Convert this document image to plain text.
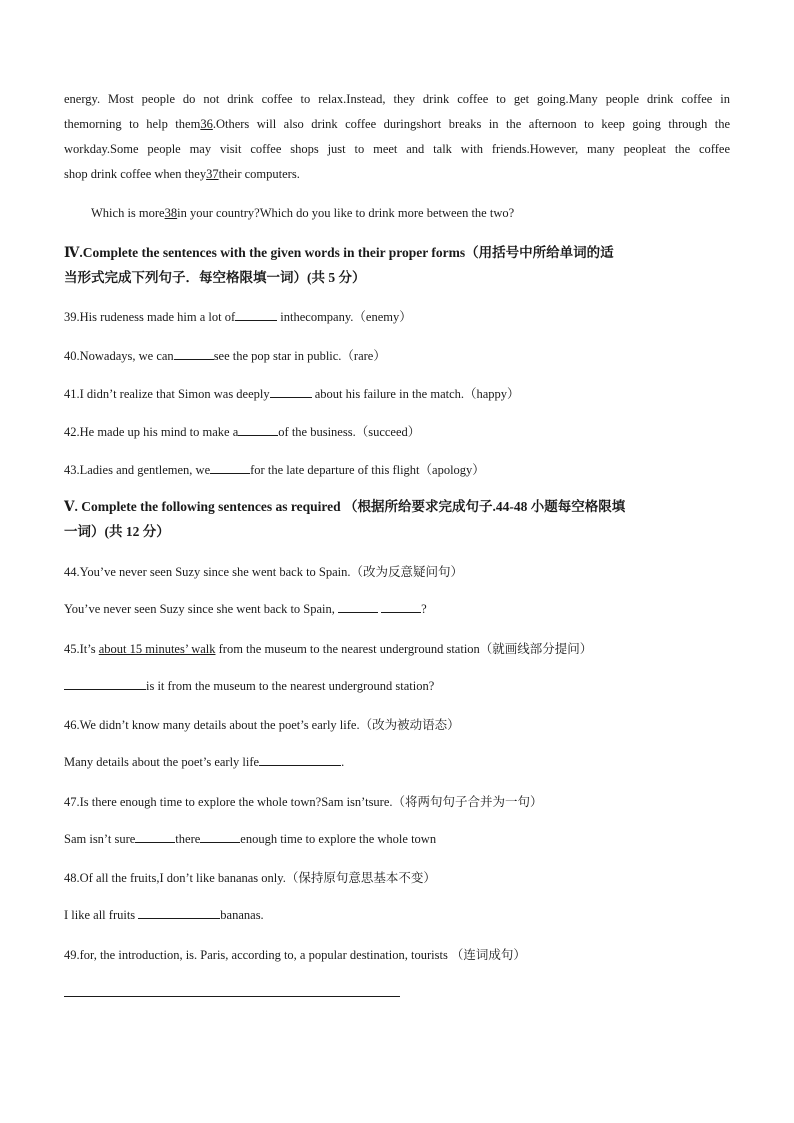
energy. Most people do not drink coffee to relax.Instead, they drink coffee to get going.Many people drink coffee in
themorning to help them36.Others will also drink coffee duringshort breaks in the afternoon to keep going through the
workday.Some people may visit coffee shops just to meet and talk with friends.However, many peopleat the coffee
shop drink coffee when they37their computers.
Which is more38in your country?Which do you like to drink more between the two?
Ⅳ.Complete the sentences with the given words in their proper forms（用括号中所给单词的适
当形式完成下列句子．每空格限填一词）(共 5 分）
39.His rudeness made him a lot of	inthecompany.（enemy）
40.Nowadays, we can	see the pop star in public.（rare）
41.I didn’t realize that Simon was deeply	about his failure in the match.（happy）
42.He made up his mind to make a	of the business.（succeed）
43.Ladies and gentlemen, we	for the late departure of this flight（apology）
Ⅴ. Complete the following sentences as required （根据所给要求完成句子.44-48 小题每空格限填
一词）(共 12 分）
44.You’ve never seen Suzy since she went back to Spain.（改为反意疑问句）
You’ve never seen Suzy since she went back to Spain,	?
45.It’s about 15 minutes’ walk from the museum to the nearest underground station（就画线部分提问）
is it from the museum to the nearest underground station?
46.We didn’t know many details about the poet’s early life.（改为被动语态）
Many details about the poet’s early life	.
47.Is there enough time to explore the whole town?Sam isn’tsure.（将两句句子合并为一句）
Sam isn’t sure	there	enough time to explore the whole town
48.Of all the fruits,I don’t like bananas only.（保持原句意思基本不变）
I like all fruits	bananas.
49.for, the introduction, is. Paris, according to, a popular destination, tourists （连词成句）
